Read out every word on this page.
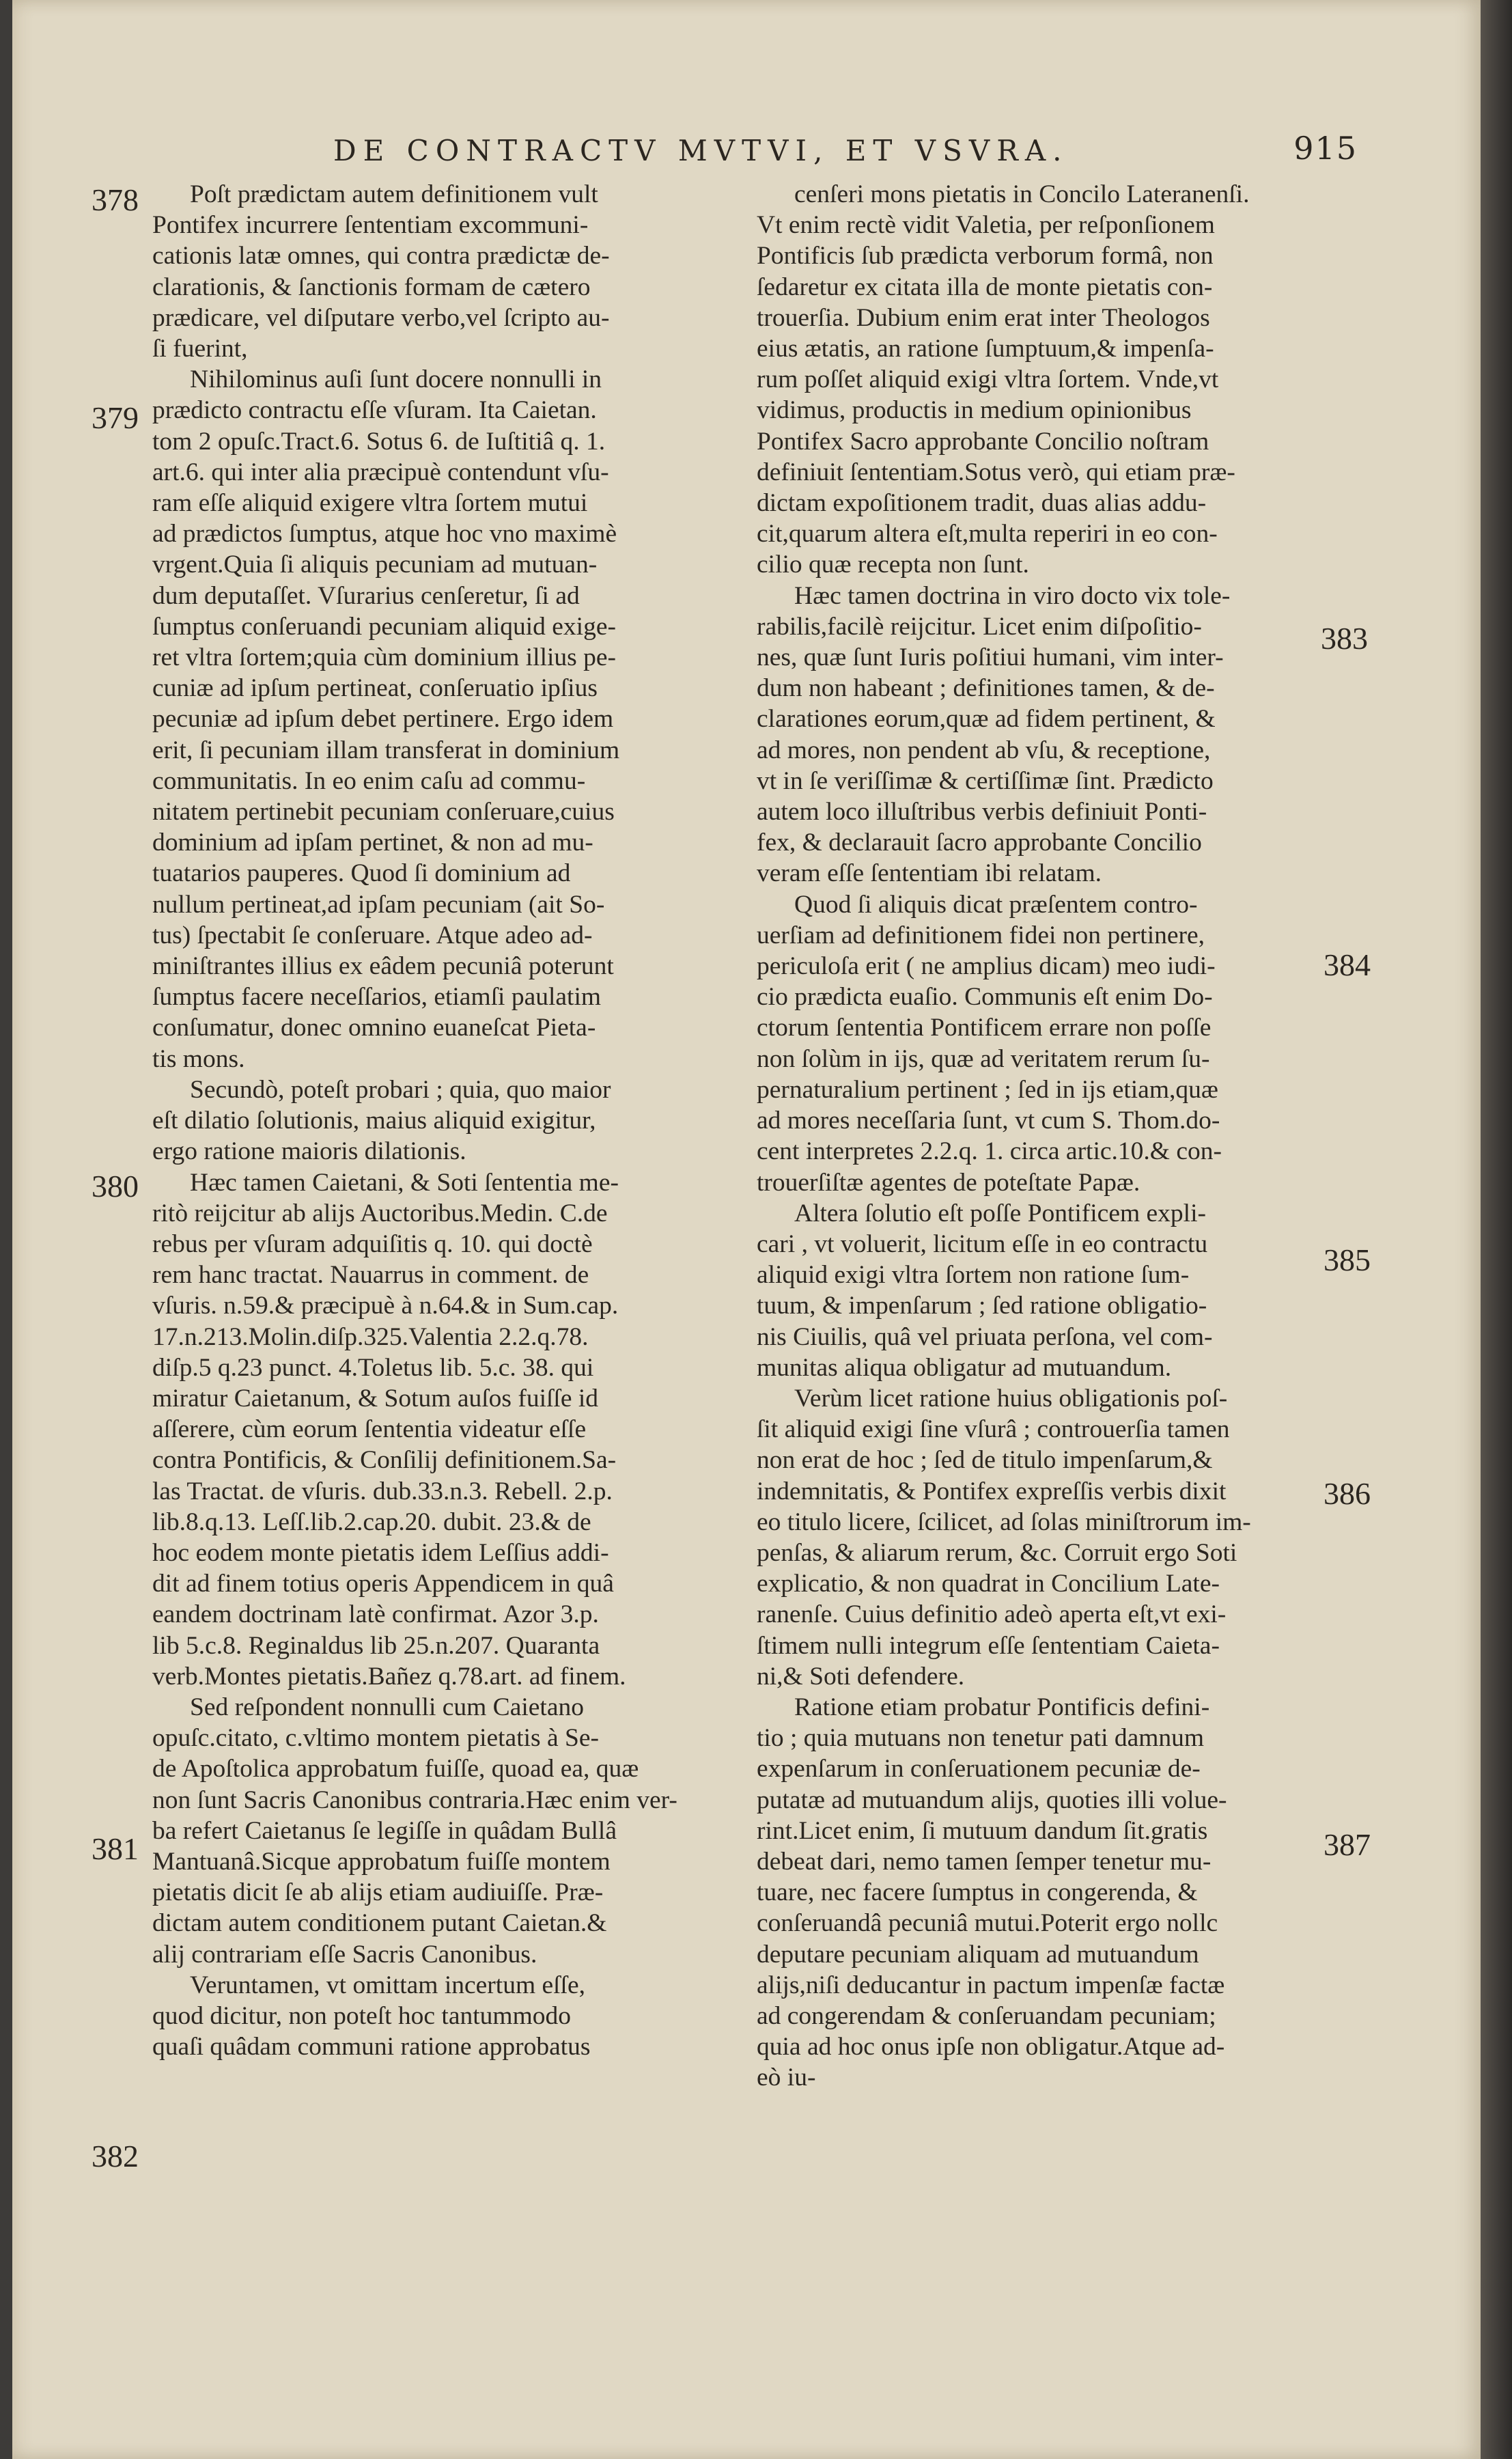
DE CONTRACTV MVTVI, ET VSVRA.	915

Poſt prædictam autem definitionem vult
Pontifex incurrere ſententiam excommuni-
cationis latæ omnes, qui contra prædictæ de-
clarationis, & ſanctionis formam de cætero
prædicare, vel diſputare verbo,vel ſcripto au-
ſi fuerint,

Nihilominus auſi ſunt docere nonnulli in
prædicto contractu eſſe vſuram. Ita Caietan.
tom 2 opuſc.Tract.6. Sotus 6. de Iuſtitiâ q. 1.
art.6. qui inter alia præcipuè contendunt vſu-
ram eſſe aliquid exigere vltra ſortem mutui
ad prædictos ſumptus, atque hoc vno maximè
vrgent.Quia ſi aliquis pecuniam ad mutuan-
dum deputaſſet. Vſurarius cenſeretur, ſi ad
ſumptus conſeruandi pecuniam aliquid exige-
ret vltra ſortem;quia cùm dominium illius pe-
cuniæ ad ipſum pertineat, conſeruatio ipſius
pecuniæ ad ipſum debet pertinere. Ergo idem
erit, ſi pecuniam illam transferat in dominium
communitatis. In eo enim caſu ad commu-
nitatem pertinebit pecuniam conſeruare,cuius
dominium ad ipſam pertinet, & non ad mu-
tuatarios pauperes. Quod ſi dominium ad
nullum pertineat,ad ipſam pecuniam (ait So-
tus) ſpectabit ſe conſeruare. Atque adeo ad-
miniſtrantes illius ex eâdem pecuniâ poterunt
ſumptus facere neceſſarios, etiamſi paulatim
conſumatur, donec omnino euaneſcat Pieta-
tis mons.

Secundò, poteſt probari ; quia, quo maior
eſt dilatio ſolutionis, maius aliquid exigitur,
ergo ratione maioris dilationis.

Hæc tamen Caietani, & Soti ſententia me-
ritò reijcitur ab alijs Auctoribus.Medin. C.de
rebus per vſuram adquiſitis q. 10. qui doctè
rem hanc tractat. Nauarrus in comment. de
vſuris. n.59.& præcipuè à n.64.& in Sum.cap.
17.n.213.Molin.diſp.325.Valentia 2.2.q.78.
diſp.5 q.23 punct. 4.Toletus lib. 5.c. 38. qui
miratur Caietanum, & Sotum auſos fuiſſe id
aſſerere, cùm eorum ſententia videatur eſſe
contra Pontificis, & Conſilij definitionem.Sa-
las Tractat. de vſuris. dub.33.n.3. Rebell. 2.p.
lib.8.q.13. Leſſ.lib.2.cap.20. dubit. 23.& de
hoc eodem monte pietatis idem Leſſius addi-
dit ad finem totius operis Appendicem in quâ
eandem doctrinam latè confirmat. Azor 3.p.
lib 5.c.8. Reginaldus lib 25.n.207. Quaranta
verb.Montes pietatis.Bañez q.78.art. ad finem.

Sed reſpondent nonnulli cum Caietano
opuſc.citato, c.vltimo montem pietatis à Se-
de Apoſtolica approbatum fuiſſe, quoad ea, quæ
non ſunt Sacris Canonibus contraria.Hæc enim ver-
ba refert Caietanus ſe legiſſe in quâdam Bullâ
Mantuanâ.Sicque approbatum fuiſſe montem
pietatis dicit ſe ab alijs etiam audiuiſſe. Præ-
dictam autem conditionem putant Caietan.&
alij contrariam eſſe Sacris Canonibus.

Veruntamen, vt omittam incertum eſſe,
quod dicitur, non poteſt hoc tantummodo
quaſi quâdam communi ratione approbatus

cenſeri mons pietatis in Concilo Lateranenſi.
Vt enim rectè vidit Valetia, per reſponſionem
Pontificis ſub prædicta verborum formâ, non
ſedaretur ex citata illa de monte pietatis con-
trouerſia. Dubium enim erat inter Theologos
eius ætatis, an ratione ſumptuum,& impenſa-
rum poſſet aliquid exigi vltra ſortem. Vnde,vt
vidimus, productis in medium opinionibus
Pontifex Sacro approbante Concilio noſtram
definiuit ſententiam.Sotus verò, qui etiam præ-
dictam expoſitionem tradit, duas alias addu-
cit,quarum altera eſt,multa reperiri in eo con-
cilio quæ recepta non ſunt.

Hæc tamen doctrina in viro docto vix tole-
rabilis,facilè reijcitur. Licet enim diſpoſitio-
nes, quæ ſunt Iuris poſitiui humani, vim inter-
dum non habeant ; definitiones tamen, & de-
clarationes eorum,quæ ad fidem pertinent, &
ad mores, non pendent ab vſu, & receptione,
vt in ſe veriſſimæ & certiſſimæ ſint. Prædicto
autem loco illuſtribus verbis definiuit Ponti-
fex, & declarauit ſacro approbante Concilio
veram eſſe ſententiam ibi relatam.

Quod ſi aliquis dicat præſentem contro-
uerſiam ad definitionem fidei non pertinere,
periculoſa erit ( ne amplius dicam) meo iudi-
cio prædicta euaſio. Communis eſt enim Do-
ctorum ſententia Pontificem errare non poſſe
non ſolùm in ijs, quæ ad veritatem rerum ſu-
pernaturalium pertinent ; ſed in ijs etiam,quæ
ad mores neceſſaria ſunt, vt cum S. Thom.do-
cent interpretes 2.2.q. 1. circa artic.10.& con-
trouerſiſtæ agentes de poteſtate Papæ.

Altera ſolutio eſt poſſe Pontificem expli-
cari , vt voluerit, licitum eſſe in eo contractu
aliquid exigi vltra ſortem non ratione ſum-
tuum, & impenſarum ; ſed ratione obligatio-
nis Ciuilis, quâ vel priuata perſona, vel com-
munitas aliqua obligatur ad mutuandum.

Verùm licet ratione huius obligationis poſ-
ſit aliquid exigi ſine vſurâ ; controuerſia tamen
non erat de hoc ; ſed de titulo impenſarum,&
indemnitatis, & Pontifex expreſſis verbis dixit
eo titulo licere, ſcilicet, ad ſolas miniſtrorum im-
penſas, & aliarum rerum, &c. Corruit ergo Soti
explicatio, & non quadrat in Concilium Late-
ranenſe. Cuius definitio adeò aperta eſt,vt exi-
ſtimem nulli integrum eſſe ſententiam Caieta-
ni,& Soti defendere.

Ratione etiam probatur Pontificis defini-
tio ; quia mutuans non tenetur pati damnum
expenſarum in conſeruationem pecuniæ de-
putatæ ad mutuandum alijs, quoties illi volue-
rint.Licet enim, ſi mutuum dandum ſit.gratis
debeat dari, nemo tamen ſemper tenetur mu-
tuare, nec facere ſumptus in congerenda, &
conſeruandâ pecuniâ mutui.Poterit ergo nollc
deputare pecuniam aliquam ad mutuandum
alijs,niſi deducantur in pactum impenſæ factæ
ad congerendam & conſeruandam pecuniam;
quia ad hoc onus ipſe non obligatur.Atque ad-
eò iu-

378
379
380
381
382
383
384
385
386
387
